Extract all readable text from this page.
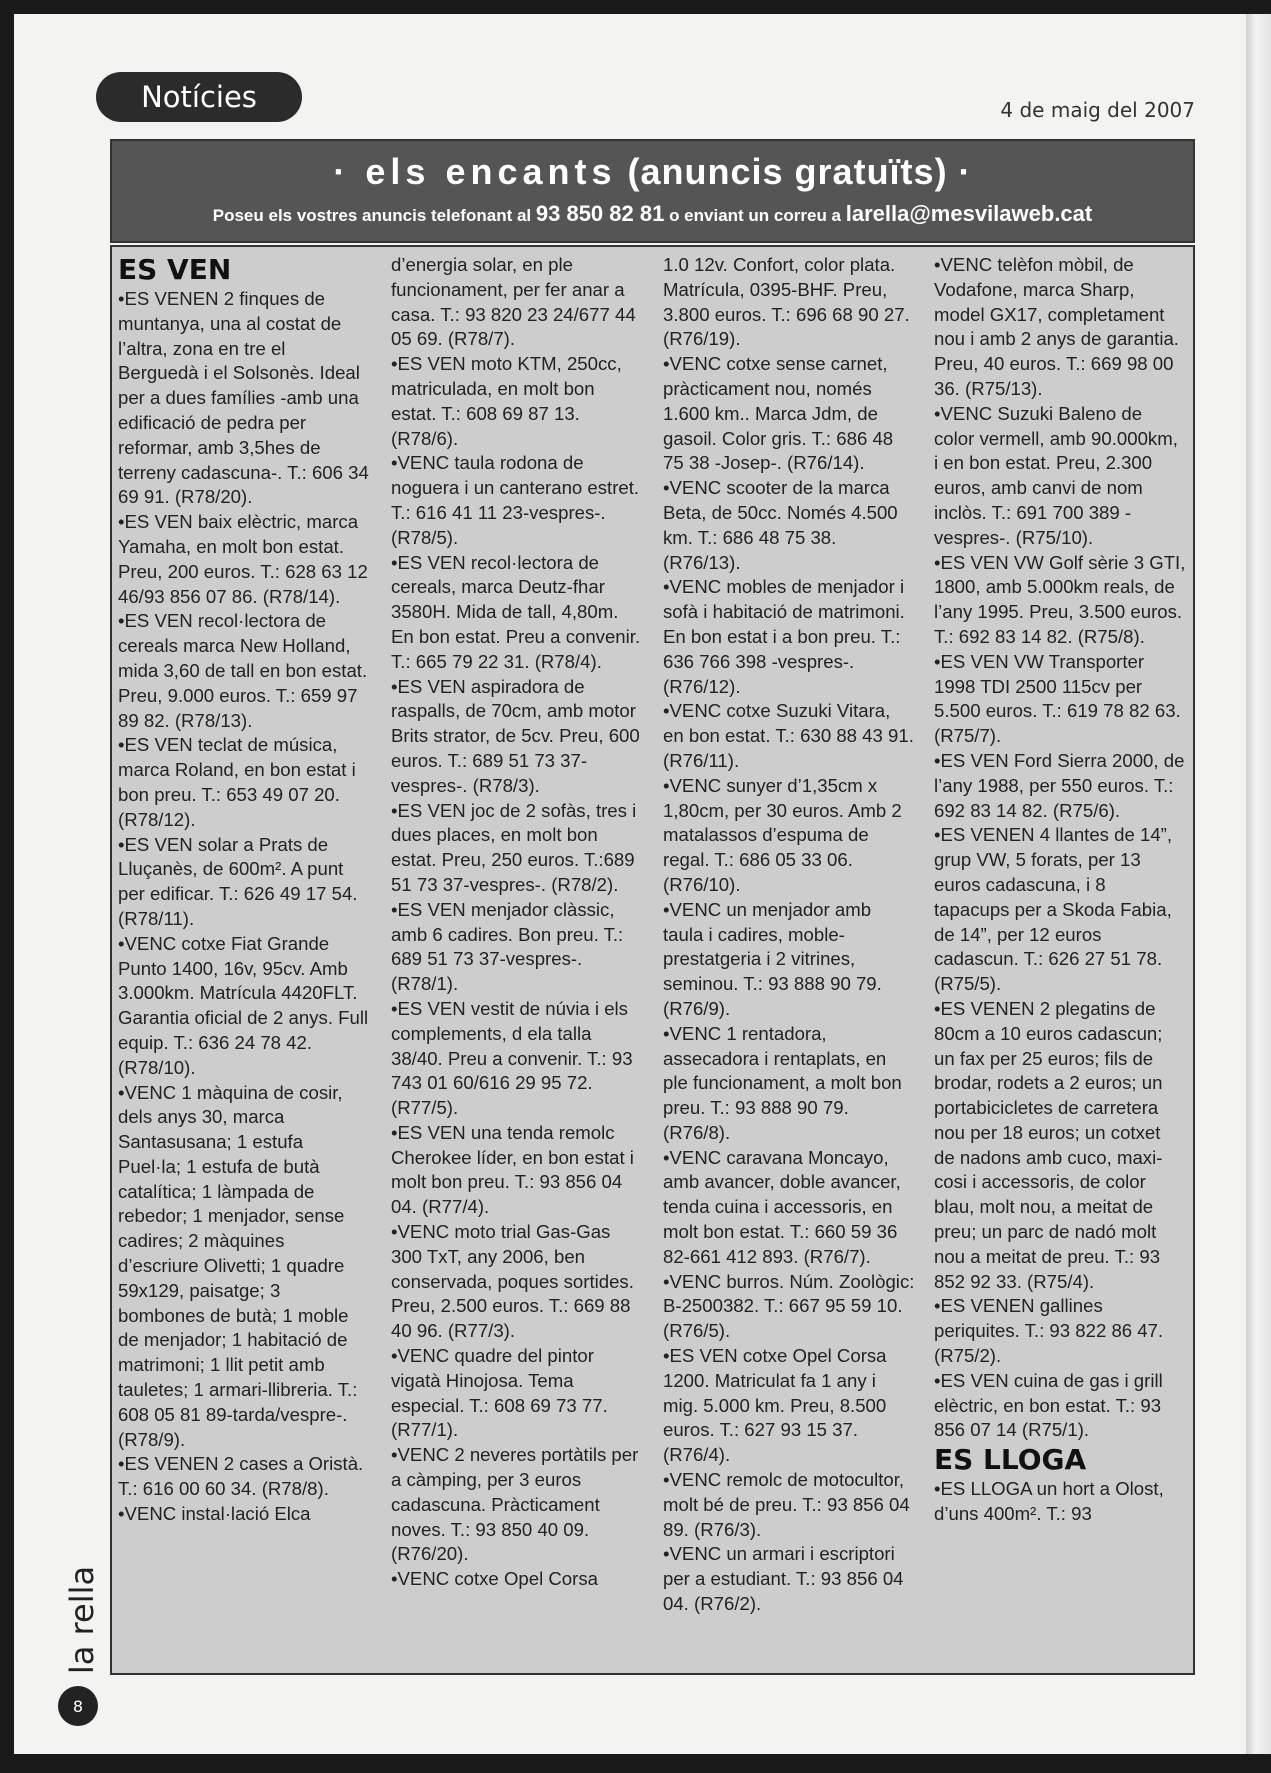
Notícies	4 de maig del 2007
· els encants (anuncis gratuïts) ·
Poseu els vostres anuncis telefonant al 93 850 82 81 o enviant un correu a larella@mesvilaweb.cat

ES VEN

•ES VENEN 2 finques de muntanya, una al costat de l’altra, zona en tre el Berguedà i el Solsonès. Ideal per a dues famílies -amb una edificació de pedra per reformar, amb 3,5hes de terreny cadascuna-. T.: 606 34 69 91. (R78/20).

•ES VEN baix elèctric, marca Yamaha, en molt bon estat. Preu, 200 euros. T.: 628 63 12 46/93 856 07 86. (R78/14).

•ES VEN recol·lectora de cereals marca New Holland, mida 3,60 de tall en bon estat. Preu, 9.000 euros. T.: 659 97 89 82. (R78/13).

•ES VEN teclat de música, marca Roland, en bon estat i bon preu. T.: 653 49 07 20. (R78/12).

•ES VEN solar a Prats de Lluçanès, de 600m². A punt per edificar. T.: 626 49 17 54. (R78/11).

•VENC cotxe Fiat Grande Punto 1400, 16v, 95cv. Amb 3.000km. Matrícula 4420FLT. Garantia oficial de 2 anys. Full equip. T.: 636 24 78 42. (R78/10).

•VENC 1 màquina de cosir, dels anys 30, marca Santasusana; 1 estufa Puel·la; 1 estufa de butà catalítica; 1 làmpada de rebedor; 1 menjador, sense cadires; 2 màquines d’escriure Olivetti; 1 quadre 59x129, paisatge; 3 bombones de butà; 1 moble de menjador; 1 habitació de matrimoni; 1 llit petit amb tauletes; 1 armari-llibreria. T.: 608 05 81 89-tarda/vespre-. (R78/9).

•ES VENEN 2 cases a Oristà. T.: 616 00 60 34. (R78/8).

•VENC instal·lació Elca

d’energia solar, en ple funcionament, per fer anar a casa. T.: 93 820 23 24/677 44 05 69. (R78/7).

•ES VEN moto KTM, 250cc, matriculada, en molt bon estat. T.: 608 69 87 13. (R78/6).

•VENC taula rodona de noguera i un canterano estret. T.: 616 41 11 23-vespres-. (R78/5).

•ES VEN recol·lectora de cereals, marca Deutz-fhar 3580H. Mida de tall, 4,80m. En bon estat. Preu a convenir. T.: 665 79 22 31. (R78/4).

•ES VEN aspiradora de raspalls, de 70cm, amb motor Brits strator, de 5cv. Preu, 600 euros. T.: 689 51 73 37-vespres-. (R78/3).

•ES VEN joc de 2 sofàs, tres i dues places, en molt bon estat. Preu, 250 euros. T.:689 51 73 37-vespres-. (R78/2).

•ES VEN menjador clàssic, amb 6 cadires. Bon preu. T.: 689 51 73 37-vespres-. (R78/1).

•ES VEN vestit de núvia i els complements, d ela talla 38/40. Preu a convenir. T.: 93 743 01 60/616 29 95 72. (R77/5).

•ES VEN una tenda remolc Cherokee líder, en bon estat i molt bon preu. T.: 93 856 04 04. (R77/4).

•VENC moto trial Gas-Gas 300 TxT, any 2006, ben conservada, poques sortides. Preu, 2.500 euros. T.: 669 88 40 96. (R77/3).

•VENC quadre del pintor vigatà Hinojosa. Tema especial. T.: 608 69 73 77. (R77/1).

•VENC 2 neveres portàtils per a càmping, per 3 euros cadascuna. Pràcticament noves. T.: 93 850 40 09. (R76/20).

•VENC cotxe Opel Corsa

1.0 12v. Confort, color plata. Matrícula, 0395-BHF. Preu, 3.800 euros. T.: 696 68 90 27. (R76/19).

•VENC cotxe sense carnet, pràcticament nou, només 1.600 km.. Marca Jdm, de gasoil. Color gris. T.: 686 48 75 38 -Josep-. (R76/14).

•VENC scooter de la marca Beta, de 50cc. Només 4.500 km. T.: 686 48 75 38. (R76/13).

•VENC mobles de menjador i sofà i habitació de matrimoni. En bon estat i a bon preu. T.: 636 766 398 -vespres-. (R76/12).

•VENC cotxe Suzuki Vitara, en bon estat. T.: 630 88 43 91. (R76/11).

•VENC sunyer d’1,35cm x 1,80cm, per 30 euros. Amb 2 matalassos d’espuma de regal. T.: 686 05 33 06. (R76/10).

•VENC un menjador amb taula i cadires, moble-prestatgeria i 2 vitrines, seminou. T.: 93 888 90 79. (R76/9).

•VENC 1 rentadora, assecadora i rentaplats, en ple funcionament, a molt bon preu. T.: 93 888 90 79. (R76/8).

•VENC caravana Moncayo, amb avancer, doble avancer, tenda cuina i accessoris, en molt bon estat. T.: 660 59 36 82-661 412 893. (R76/7).

•VENC burros. Núm. Zoològic: B-2500382. T.: 667 95 59 10. (R76/5).

•ES VEN cotxe Opel Corsa 1200. Matriculat fa 1 any i mig. 5.000 km. Preu, 8.500 euros. T.: 627 93 15 37. (R76/4).

•VENC remolc de motocultor, molt bé de preu. T.: 93 856 04 89. (R76/3).

•VENC un armari i escriptori per a estudiant. T.: 93 856 04 04. (R76/2).

•VENC telèfon mòbil, de Vodafone, marca Sharp, model GX17, completament nou i amb 2 anys de garantia. Preu, 40 euros. T.: 669 98 00 36. (R75/13).

•VENC Suzuki Baleno de color vermell, amb 90.000km, i en bon estat. Preu, 2.300 euros, amb canvi de nom inclòs. T.: 691 700 389 -vespres-. (R75/10).

•ES VEN VW Golf sèrie 3 GTI, 1800, amb 5.000km reals, de l’any 1995. Preu, 3.500 euros. T.: 692 83 14 82. (R75/8).

•ES VEN VW Transporter 1998 TDI 2500 115cv per 5.500 euros. T.: 619 78 82 63. (R75/7).

•ES VEN Ford Sierra 2000, de l’any 1988, per 550 euros. T.: 692 83 14 82. (R75/6).

•ES VENEN 4 llantes de 14”, grup VW, 5 forats, per 13 euros cadascuna, i 8 tapacups per a Skoda Fabia, de 14”, per 12 euros cadascun. T.: 626 27 51 78. (R75/5).

•ES VENEN 2 plegatins de 80cm a 10 euros cadascun; un fax per 25 euros; fils de brodar, rodets a 2 euros; un portabicicletes de carretera nou per 18 euros; un cotxet de nadons amb cuco, maxi-cosi i accessoris, de color blau, molt nou, a meitat de preu; un parc de nadó molt nou a meitat de preu. T.: 93 852 92 33. (R75/4).

•ES VENEN gallines periquites. T.: 93 822 86 47. (R75/2).

•ES VEN cuina de gas i grill elèctric, en bon estat. T.: 93 856 07 14 (R75/1).

ES LLOGA

•ES LLOGA un hort a Olost, d’uns 400m². T.: 93

la rella
8
